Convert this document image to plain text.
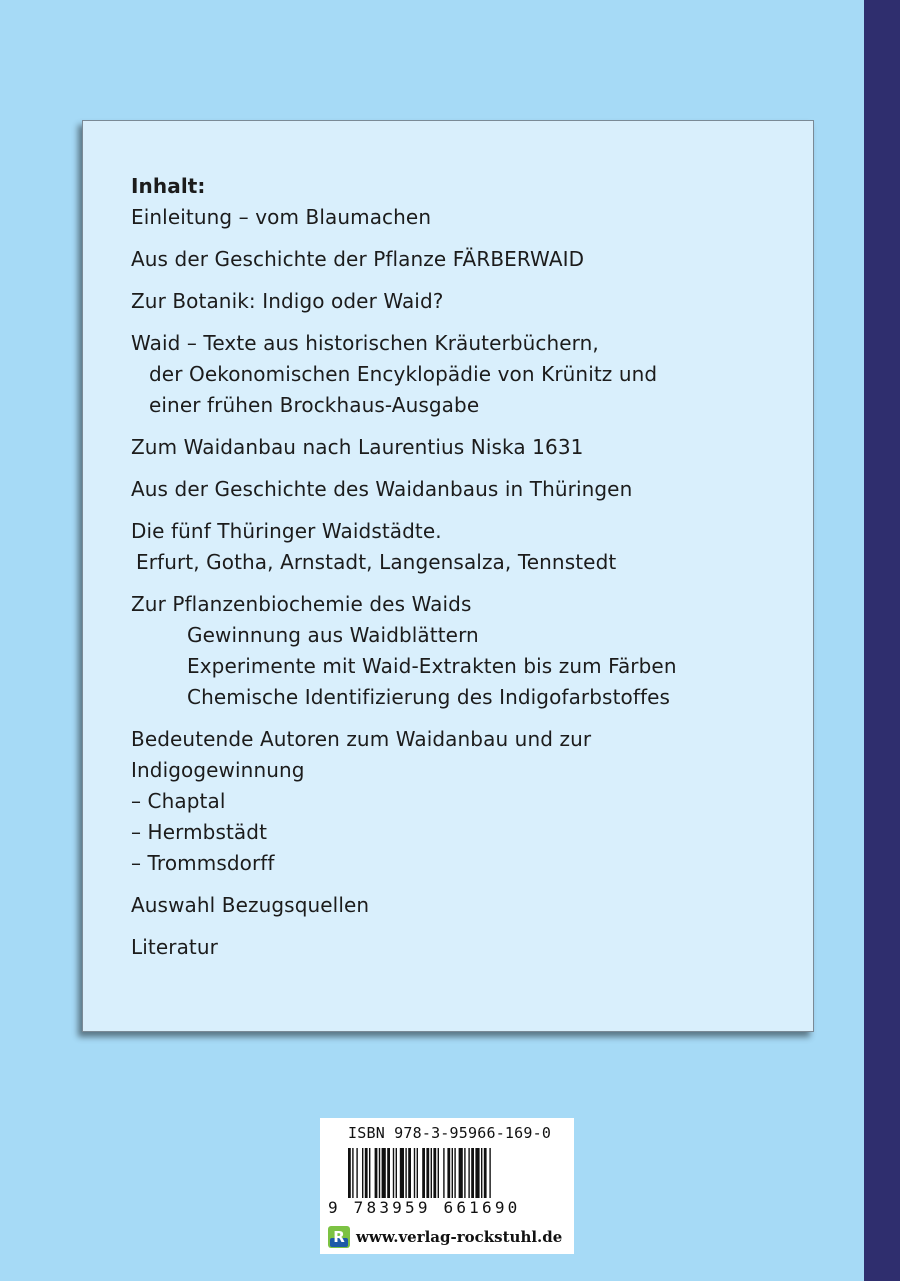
Inhalt:
Einleitung – vom Blaumachen
Aus der Geschichte der Pflanze FÄRBERWAID
Zur Botanik: Indigo oder Waid?
Waid – Texte aus historischen Kräuterbüchern,
der Oekonomischen Encyklopädie von Krünitz und
einer frühen Brockhaus-Ausgabe
Zum Waidanbau nach Laurentius Niska 1631
Aus der Geschichte des Waidanbaus in Thüringen
Die fünf Thüringer Waidstädte.
Erfurt, Gotha, Arnstadt, Langensalza, Tennstedt
Zur Pflanzenbiochemie des Waids
Gewinnung aus Waidblättern
Experimente mit Waid-Extrakten bis zum Färben
Chemische Identifizierung des Indigofarbstoffes
Bedeutende Autoren zum Waidanbau und zur
Indigogewinnung
– Chaptal
– Hermbstädt
– Trommsdorff
Auswahl Bezugsquellen
Literatur
ISBN 978-3-95966-169-0
9 783959 661690
R www.verlag-rockstuhl.de
